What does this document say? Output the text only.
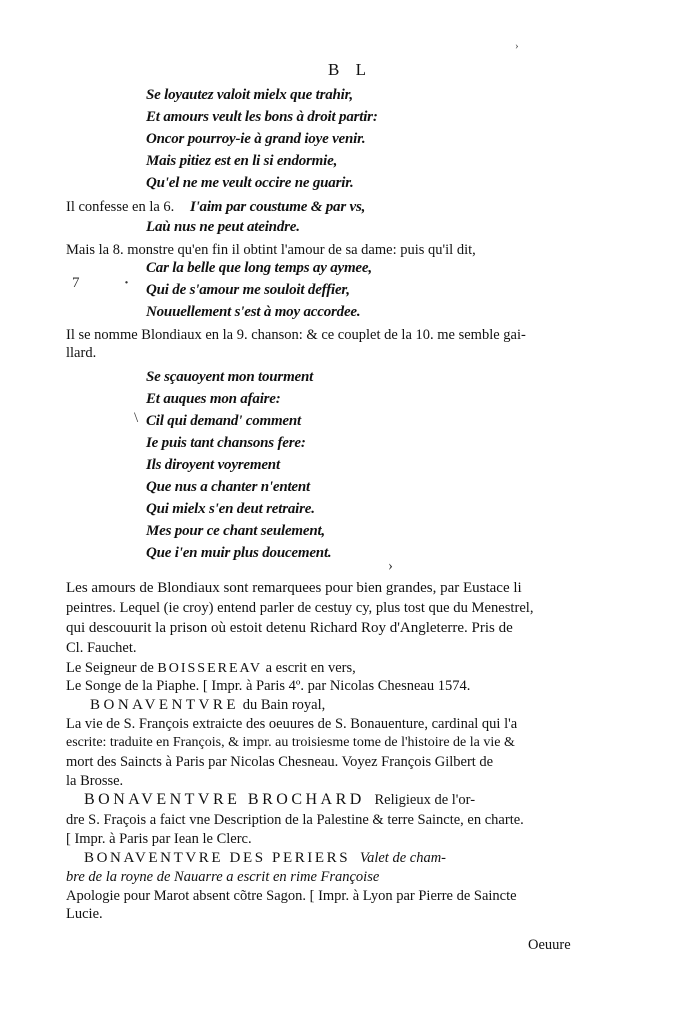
›
B L
Se loyautez valoit mielx que trahir,
Et amours veult les bons à droit partir:
Oncor pourroy-ie à grand ioye venir.
Mais pitiez est en li si endormie,
Qu'el ne me veult occire ne guarir.
Il confesse en la 6. I'aim par coustume & par vs,
Laù nus ne peut ateindre.
Mais la 8. monstre qu'en fin il obtint l'amour de sa dame: puis qu'il dit,
7	·
Car la belle que long temps ay aymee,
Qui de s'amour me souloit deffier,
Nouuellement s'est à moy accordee.
Il se nomme Blondiaux en la 9. chanson: & ce couplet de la 10. me semble gai-
llard.
\
Se sçauoyent mon tourment
Et auques mon afaire:
Cil qui demand' comment
Ie puis tant chansons fere:
Ils diroyent voyrement
Que nus a chanter n'entent
Qui mielx s'en deut retraire.
Mes pour ce chant seulement,
Que i'en muir plus doucement.
›
Les amours de Blondiaux sont remarquees pour bien grandes, par Eustace li
peintres. Lequel (ie croy) entend parler de cestuy cy, plus tost que du Menestrel,
qui descouurit la prison où estoit detenu Richard Roy d'Angleterre. Pris de
Cl. Fauchet.
Le Seigneur de BOISSEREAV a escrit en vers,
Le Songe de la Piaphe. [ Impr. à Paris 4º. par Nicolas Chesneau 1574.
BONAVENTVRE du Bain royal,
La vie de S. François extraicte des oeuures de S. Bonauenture, cardinal qui l'a
escrite: traduite en François, & impr. au troisiesme tome de l'histoire de la vie &
mort des Saincts à Paris par Nicolas Chesneau. Voyez François Gilbert de
la Brosse.
BONAVENTVRE BROCHARD Religieux de l'or-
dre S. Fraçois a faict vne Description de la Palestine & terre Saincte, en charte.
[ Impr. à Paris par Iean le Clerc.
BONAVENTVRE DES PERIERS Valet de cham-
bre de la royne de Nauarre a escrit en rime Françoise
Apologie pour Marot absent cõtre Sagon. [ Impr. à Lyon par Pierre de Saincte
Lucie.
Oeuure
